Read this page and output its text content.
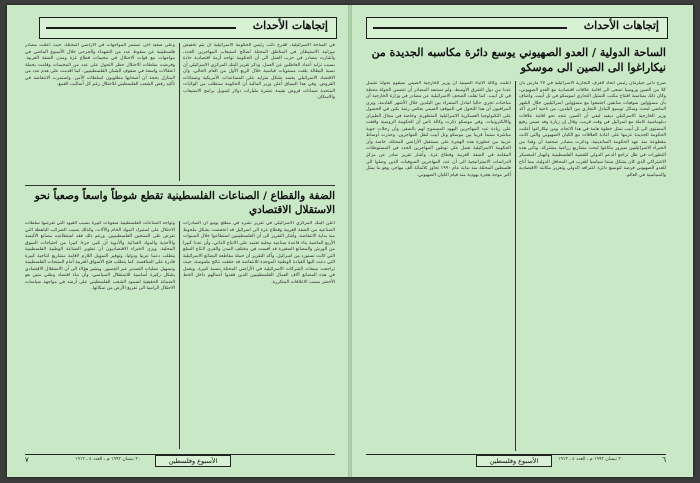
إتجاهات الأحداث
وعلى صعيد آخر، تستمر المواجهات في الأراضي المحتلة، حيث أعلنت مصادر فلسطينية عن سقوط عدد من الشهداء والجرحى خلال الأسبوع الماضي في مواجهات مع قوات الاحتلال في مخيمات قطاع غزة ومدن الضفة الغربية. وفرضت سلطات الاحتلال حظر التجول على عدد من المخيمات وقامت بحملة اعتقالات واسعة في صفوف الشبان الفلسطينيين، كما أقدمت على هدم عدد من المنازل بحجة أن أصحابها مطلوبون لسلطات الأمن. واستمرت الانتفاضة في تأكيد رفض الشعب الفلسطيني للاحتلال رغم كل أساليب القمع.
في الساحة الاسرائيلية، اقترح نائب رئيس الحكومة الاسرائيلية أن يتم تخفيض ميزانية الاستيطان في المناطق المحتلة لصالح استيعاب المهاجرين الجدد، وأشارت مصادر في حزب العمل الى أن الحكومة تواجه أزمة اقتصادية حادة بسبب تزايد أعداد العاطلين عن العمل. وذكر تقرير البنك المركزي الاسرائيلي أن نسبة البطالة بلغت مستويات قياسية خلال الربع الأول من العام الحالي، وأن الاقتصاد الاسرائيلي يعتمد بشكل متزايد على المساعدات الأمريكية وضمانات القروض. وفي هذا السياق أعلن وزير المالية أن الحكومة ستطلب من الولايات المتحدة ضمانات قروض بقيمة عشرة مليارات دولار لتمويل برامج الاستيعاب والاسكان.
الضفة والقطاع / الصناعات الفلسطينية تقطع شوطاً واسعاً وصعباً نحو الاستقلال الاقتصادي
وتواجه الصناعات الفلسطينية صعوبات كبيرة بسبب القيود التي تفرضها سلطات الاحتلال على استيراد المواد الخام والآلات، وكذلك بسبب الضرائب الباهظة التي تفرض على المنتجين الفلسطينيين. ورغم ذلك فقد استطاعت مصانع الألبسة والأحذية والمواد الغذائية والأدوية أن تلبي جزءا كبيرا من احتياجات السوق المحلية. ويرى الخبراء الاقتصاديون أن تطوير الصناعة الوطنية الفلسطينية يتطلب دعما عربيا ودوليا، وتوفير التمويل اللازم لاقامة مشاريع انتاجية كبيرة قادرة على المنافسة. كما يتطلب فتح الأسواق العربية أمام المنتجات الفلسطينية وتسهيل عمليات التصدير عبر الجسور. ويشير هؤلاء الى أن الاستقلال الاقتصادي يشكل ركيزة أساسية للاستقلال السياسي، وأن بناء اقتصاد وطني متين هو الضمانة الحقيقية لصمود الشعب الفلسطيني على أرضه في مواجهة سياسات الاحتلال الرامية الى تفريغ الأرض من سكانها.
أعلن البنك المركزي الاسرائيلي في تقرير نشره في مطلع يونيو أن الصادرات الصناعية من الضفة الغربية وقطاع غزة الى اسرائيل قد انخفضت بشكل ملحوظ منذ بداية الانتفاضة، وأشار التقرير الى أن الفلسطينيين استطاعوا خلال السنوات الأربع الماضية بناء قاعدة صناعية محلية تعتمد على الانتاج الذاتي، وأن عددا كبيرا من الورش والمصانع الصغيرة قد أقيمت في مختلف المدن والقرى لانتاج السلع التي كانت تستورد من اسرائيل. وأكد التقرير أن حملة مقاطعة البضائع الاسرائيلية التي دعت اليها القيادة الوطنية الموحدة للانتفاضة قد حققت نتائج ملموسة، حيث تراجعت مبيعات الشركات الاسرائيلية في الأراضي المحتلة بنسبة كبيرة. ويعمل في هذه المصانع آلاف العمال الفلسطينيين الذين فقدوا أعمالهم داخل الخط الأخضر بسبب الاغلاقات المتكررة.
٧	٢٠ نيسان ١٩٩٢ م ـ العدد ٤ ـ ١٩١٢	الأسبوع وفلسطين
إتجاهات الأحداث
الساحة الدولية / العدو الصهيوني يوسع دائرة مكاسبه الجديدة من نيكاراغوا الى الصين الى موسكو
أعلنت وكالة الأنباء الصينية أن وزير الخارجية الصيني سيقوم بجولة تشمل عددا من دول الشرق الأوسط، ولم تستبعد المصادر أن تتضمن الجولة محطة في تل أبيب. كما نقلت الصحف الاسرائيلية عن مصادر في وزارة الخارجية أن مباحثات تجري حاليا لتبادل السفراء بين البلدين خلال الأشهر القادمة. ويرى المراقبون أن هذا التحول في الموقف الصيني يعكس رغبة بكين في الحصول على التكنولوجيا العسكرية الاسرائيلية المتطورة، وخاصة في مجال الطيران والالكترونيات. وفي موسكو ذكرت وكالة تاس أن الحكومة الروسية وافقت على زيادة عدد المهاجرين اليهود المسموح لهم بالسفر، وأن رحلات جوية مباشرة ستبدأ قريبا بين موسكو وتل أبيب لنقل المهاجرين. وحذرت أوساط عربية من خطورة هذه الهجرة على مستقبل الأراضي المحتلة، خاصة وأن الحكومة الاسرائيلية تعمل على توطين المهاجرين الجدد في المستوطنات المقامة في الضفة الغربية وقطاع غزة. وأشار تقرير صادر عن مركز الدراسات الاستراتيجية الى أن عدد المهاجرين السوفيات الذين وصلوا الى فلسطين المحتلة منذ بداية عام ١٩٩٠ تجاوز ثلاثمائة ألف مهاجر، وهو ما يمثل أكبر موجة هجرة يهودية منذ قيام الكيان الصهيوني.
صرح داني جيلرمان رئيس اتحاد الغرف التجارية الاسرائيلية في ٢٧ مارس بأن كلا من الصين وروسيا تسعى الى اقامة علاقات اقتصادية مع العدو الصهيوني، وكان ذلك بمناسبة افتتاح مكتب التمثيل التجاري لموسكو في تل أبيب، وأضاف بأن مسؤولين سوفيات سابقين اجتمعوا مع مسؤولين اسرائيليين خلال الشهر الماضي لبحث وسائل توسيع التبادل التجاري بين البلدين. من ناحية أخرى أكد وزير الخارجية الاسرائيلي ديفيد ليفي أن الصين تتجه نحو اقامة علاقات دبلوماسية كاملة مع اسرائيل في وقت قريب، وقال إن زيارة وفد صيني رفيع المستوى الى تل أبيب تمثل خطوة هامة في هذا الاتجاه. ومن نيكاراغوا أعلنت الحكومة الجديدة عزمها على اعادة العلاقات مع الكيان الصهيوني والتي كانت مقطوعة منذ عهد الحكومة الساندينية، وذكرت مصادر صحفية أن وفدا من الخبراء الاسرائيليين سيزور ماناغوا لبحث مشاريع زراعية مشتركة. وتأتي هذه التطورات في ظل تراجع الدعم الدولي للقضية الفلسطينية وانهيار المعسكر الاشتراكي الذي كان يشكل سندا سياسيا للعرب في المحافل الدولية، مما أتاح للعدو الصهيوني فرصة لتوسيع دائرة اعترافه الدولي وتعزيز مكانته الاقتصادية والسياسية في العالم.
الأسبوع وفلسطين	٢٠ نيسان ١٩٩٢ م ـ العدد ٤ ـ ١٩١٢	٦
